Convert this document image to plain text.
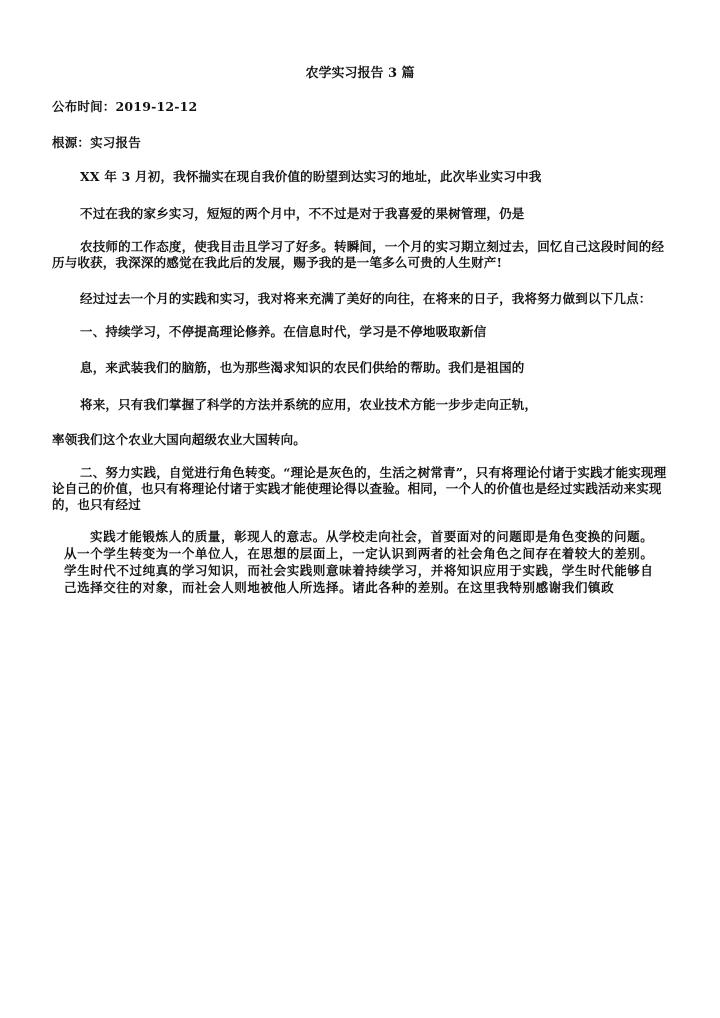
农学实习报告 3 篇
公布时间：2019-12-12
根源：实习报告
XX 年 3 月初，我怀揣实在现自我价值的盼望到达实习的地址，此次毕业实习中我
不过在我的家乡实习，短短的两个月中，不不过是对于我喜爱的果树管理，仍是
农技师的工作态度，使我目击且学习了好多。转瞬间，一个月的实习期立刻过去，回忆自己这段时间的经历与收获，我深深的感觉在我此后的发展，赐予我的是一笔多么可贵的人生财产!
经过过去一个月的实践和实习，我对将来充满了美好的向往，在将来的日子，我将努力做到以下几点：
一、持续学习，不停提高理论修养。在信息时代，学习是不停地吸取新信
息，来武装我们的脑筋，也为那些渴求知识的农民们供给的帮助。我们是祖国的
将来，只有我们掌握了科学的方法并系统的应用，农业技术方能一步步走向正轨，
率领我们这个农业大国向超级农业大国转向。
二、努力实践，自觉进行角色转变。“理论是灰色的，生活之树常青”，只有将理论付诸于实践才能实现理论自己的价值，也只有将理论付诸于实践才能使理论得以查验。相同，一个人的价值也是经过实践活动来实现的，也只有经过
实践才能锻炼人的质量，彰现人的意志。从学校走向社会，首要面对的问题即是角色变换的问题。
从一个学生转变为一个单位人，在思想的层面上，一定认识到两者的社会角色之间存在着较大的差别。
学生时代不过纯真的学习知识，而社会实践则意味着持续学习，并将知识应用于实践，学生时代能够自
己选择交往的对象，而社会人则地被他人所选择。诸此各种的差别。在这里我特别感谢我们镇政
